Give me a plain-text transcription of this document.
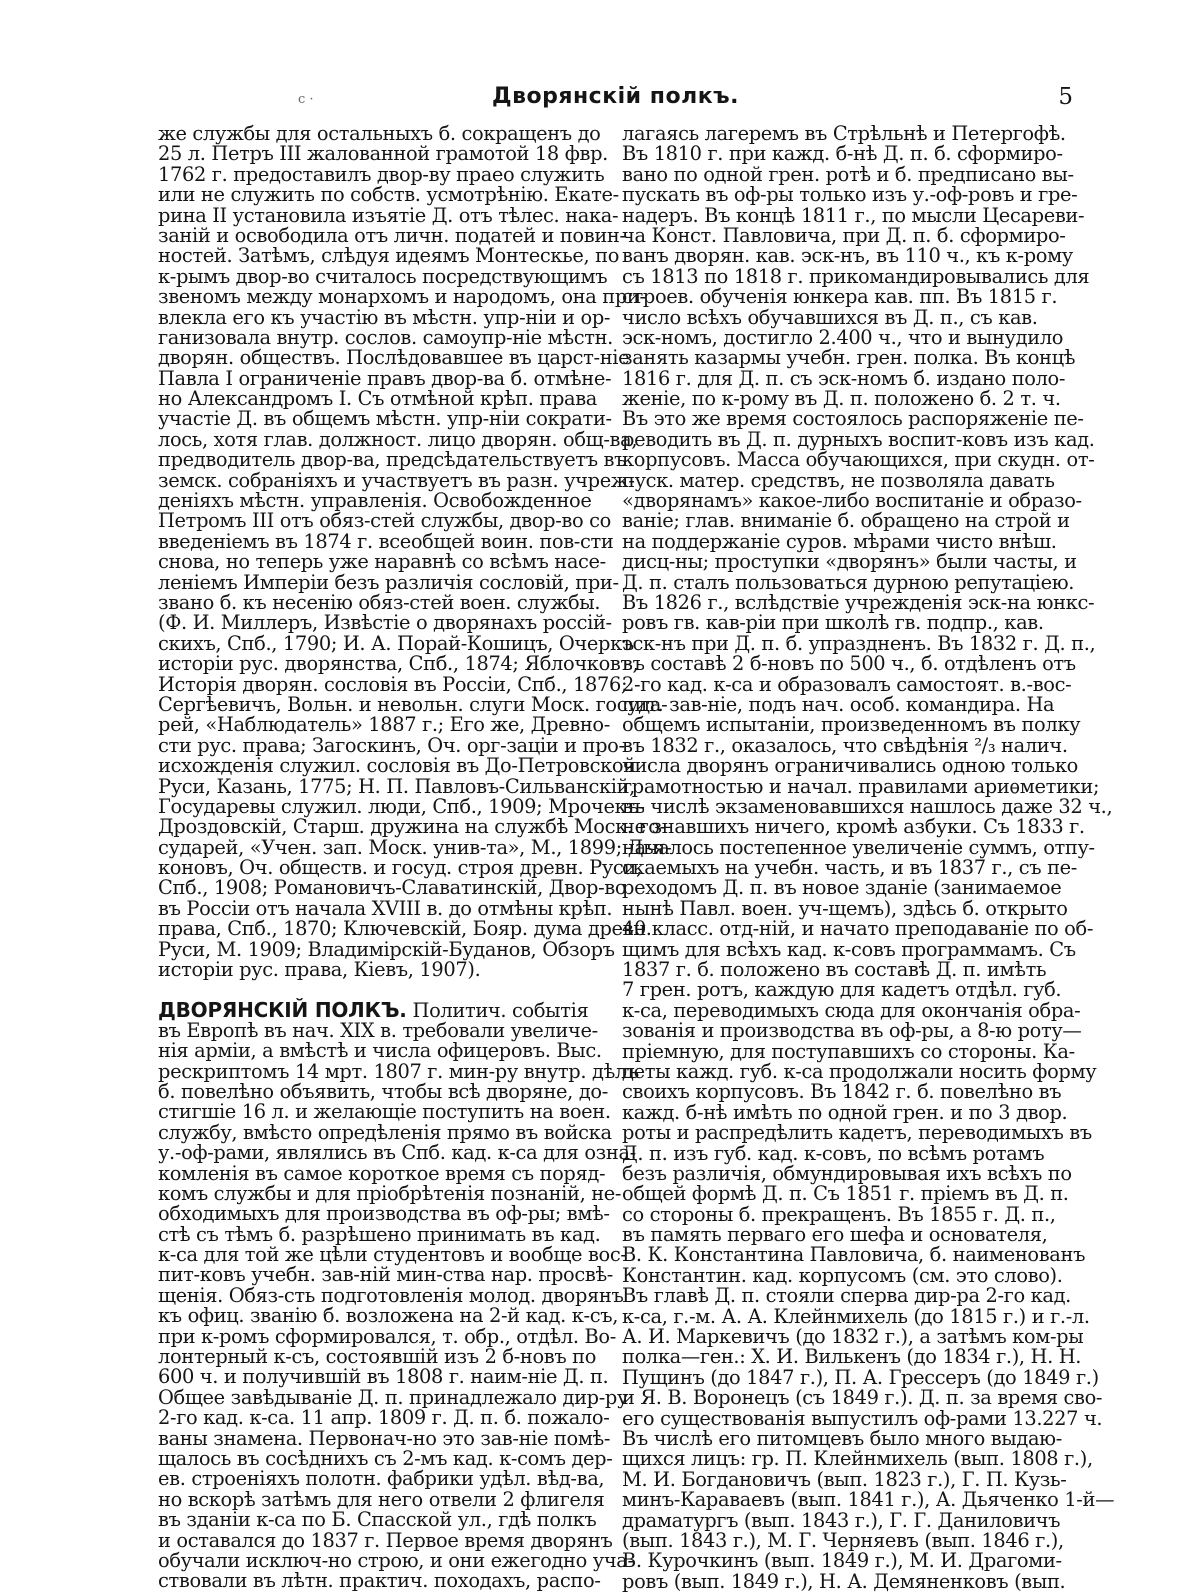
с ·	Дворянскій полкъ.	5
же службы для остальныхъ б. сокращенъ до
25 л. Петръ III жалованной грамотой 18 фвр.
1762 г. предоставилъ двор-ву праео служить
или не служить по собств. усмотрѣнію. Екате-
рина II установила изъятіе Д. отъ тѣлес. нака-
заній и освободила отъ личн. податей и повин-
ностей. Затѣмъ, слѣдуя идеямъ Монтескье, по
к-рымъ двор-во считалось посредствующимъ
звеномъ между монархомъ и народомъ, она при-
влекла его къ участію въ мѣстн. упр-ніи и ор-
ганизовала внутр. сослов. самоупр-ніе мѣстн.
дворян. обществъ. Послѣдовавшее въ царст-ніе
Павла I ограниченіе правъ двор-ва б. отмѣне-
но Александромъ I. Съ отмѣной крѣп. права
участіе Д. въ общемъ мѣстн. упр-ніи сократи-
лось, хотя глав. должност. лицо дворян. общ-ва,
предводитель двор-ва, предсѣдательствуетъ въ
земск. собраніяхъ и участвуетъ въ разн. учреж-
деніяхъ мѣстн. управленія. Освобожденное
Петромъ III отъ обяз-стей службы, двор-во со
введеніемъ въ 1874 г. всеобщей воин. пов-сти
снова, но теперь уже наравнѣ со всѣмъ насе-
леніемъ Имперіи безъ различія сословій, при-
звано б. къ несенію обяз-стей воен. службы.
(Ф. И. Миллеръ, Извѣстіе о дворянахъ россій-
скихъ, Спб., 1790; И. А. Порай-Кошицъ, Очеркъ
исторіи рус. дворянства, Спб., 1874; Яблочковъ,
Исторія дворян. сословія въ Россіи, Спб., 1876;
Сергѣевичъ, Вольн. и невольн. слуги Моск. госуда-
рей, «Наблюдатель» 1887 г.; Его же, Древно-
сти рус. права; Загоскинъ, Оч. орг-заціи и про-
исхожденія служил. сословія въ До-Петровской
Руси, Казань, 1775; Н. П. Павловъ-Сильванскій,
Государевы служил. люди, Спб., 1909; Мрочекъ-
Дроздовскій, Старш. дружина на службѣ Моск. го-
сударей, «Учен. зап. Моск. унив-та», М., 1899; Дья-
коновъ, Оч. обществ. и госуд. строя древн. Руси,
Спб., 1908; Романовичъ-Славатинскій, Двор-во
въ Россіи отъ начала XVIII в. до отмѣны крѣп.
права, Спб., 1870; Ключевскій, Бояр. дума древн.
Руси, М. 1909; Владимірскій-Буданов, Обзоръ
исторіи рус. права, Кіевъ, 1907).
ДВОРЯНСКІЙ ПОЛКЪ. Политич. событія
въ Европѣ въ нач. XIX в. требовали увеличе-
нія арміи, а вмѣстѣ и числа офицеровъ. Выс.
рескриптомъ 14 мрт. 1807 г. мин-ру внутр. дѣлъ
б. повелѣно объявить, чтобы всѣ дворяне, до-
стигшіе 16 л. и желающіе поступить на воен.
службу, вмѣсто опредѣленія прямо въ войска
у.-оф-рами, являлись въ Спб. кад. к-са для озна-
комленія въ самое короткое время съ поряд-
комъ службы и для пріобрѣтенія познаній, не-
обходимыхъ для производства въ оф-ры; вмѣ-
стѣ съ тѣмъ б. разрѣшено принимать въ кад.
к-са для той же цѣли студентовъ и вообще вос-
пит-ковъ учебн. зав-ній мин-ства нар. просвѣ-
щенія. Обяз-сть подготовленія молод. дворянъ
къ офиц. званію б. возложена на 2-й кад. к-съ,
при к-ромъ сформировался, т. обр., отдѣл. Во-
лонтерный к-съ, состоявшій изъ 2 б-новъ по
600 ч. и получившій въ 1808 г. наим-ніе Д. п.
Общее завѣдываніе Д. п. принадлежало дир-ру
2-го кад. к-са. 11 апр. 1809 г. Д. п. б. пожало-
ваны знамена. Первонач-но это зав-ніе помѣ-
щалось въ сосѣднихъ съ 2-мъ кад. к-сомъ дер-
ев. строеніяхъ полотн. фабрики удѣл. вѣд-ва,
но вскорѣ затѣмъ для него отвели 2 флигеля
въ зданіи к-са по Б. Спасской ул., гдѣ полкъ
и оставался до 1837 г. Первое время дворянъ
обучали исключ-но строю, и они ежегодно уча-
ствовали въ лѣтн. практич. походахъ, распо-
лагаясь лагеремъ въ Стрѣльнѣ и Петергофѣ.
Въ 1810 г. при кажд. б-нѣ Д. п. б. сформиро-
вано по одной грен. ротѣ и б. предписано вы-
пускать въ оф-ры только изъ у.-оф-ровъ и гре-
надеръ. Въ концѣ 1811 г., по мысли Цесареви-
ча Конст. Павловича, при Д. п. б. сформиро-
ванъ дворян. кав. эск-нъ, въ 110 ч., къ к-рому
съ 1813 по 1818 г. прикомандировывались для
строев. обученія юнкера кав. пп. Въ 1815 г.
число всѣхъ обучавшихся въ Д. п., съ кав.
эск-номъ, достигло 2.400 ч., что и вынудило
занять казармы учебн. грен. полка. Въ концѣ
1816 г. для Д. п. съ эск-номъ б. издано поло-
женіе, по к-рому въ Д. п. положено б. 2 т. ч.
Въ это же время состоялось распоряженіе пе-
реводить въ Д. п. дурныхъ воспит-ковъ изъ кад.
корпусовъ. Масса обучающихся, при скудн. от-
пуск. матер. средствъ, не позволяла давать
«дворянамъ» какое-либо воспитаніе и образо-
ваніе; глав. вниманіе б. обращено на строй и
на поддержаніе суров. мѣрами чисто внѣш.
дисц-ны; проступки «дворянъ» были часты, и
Д. п. сталъ пользоваться дурною репутаціею.
Въ 1826 г., вслѣдствіе учрежденія эск-на юнкс-
ровъ гв. кав-ріи при школѣ гв. подпр., кав.
эск-нъ при Д. п. б. упраздненъ. Въ 1832 г. Д. п.,
въ составѣ 2 б-новъ по 500 ч., б. отдѣленъ отъ
2-го кад. к-са и образовалъ самостоят. в.-вос-
пит. зав-ніе, подъ нач. особ. командира. На
общемъ испытаніи, произведенномъ въ полку
въ 1832 г., оказалось, что свѣдѣнія ²/₃ налич.
числа дворянъ ограничивались одною только
грамотностью и начал. правилами ариѳметики;
въ числѣ экзаменовавшихся нашлось даже 32 ч.,
не знавшихъ ничего, кромѣ азбуки. Съ 1833 г.
началось постепенное увеличеніе суммъ, отпу-
скаемыхъ на учебн. часть, и въ 1837 г., съ пе-
реходомъ Д. п. въ новое зданіе (занимаемое
нынѣ Павл. воен. уч-щемъ), здѣсь б. открыто
40 класс. отд-ній, и начато преподаваніе по об-
щимъ для всѣхъ кад. к-совъ программамъ. Съ
1837 г. б. положено въ составѣ Д. п. имѣть
7 грен. ротъ, каждую для кадетъ отдѣл. губ.
к-са, переводимыхъ сюда для окончанія обра-
зованія и производства въ оф-ры, а 8-ю роту—
пріемную, для поступавшихъ со стороны. Ка-
деты кажд. губ. к-са продолжали носить форму
своихъ корпусовъ. Въ 1842 г. б. повелѣно въ
кажд. б-нѣ имѣть по одной грен. и по 3 двор.
роты и распредѣлить кадетъ, переводимыхъ въ
Д. п. изъ губ. кад. к-совъ, по всѣмъ ротамъ
безъ различія, обмундировывая ихъ всѣхъ по
общей формѣ Д. п. Съ 1851 г. пріемъ въ Д. п.
со стороны б. прекращенъ. Въ 1855 г. Д. п.,
въ память перваго его шефа и основателя,
В. К. Константина Павловича, б. наименованъ
Константин. кад. корпусомъ (см. это слово).
Въ главѣ Д. п. стояли сперва дир-ра 2-го кад.
к-са, г.-м. А. А. Клейнмихель (до 1815 г.) и г.-л.
А. И. Маркевичъ (до 1832 г.), а затѣмъ ком-ры
полка—ген.: Х. И. Вилькенъ (до 1834 г.), Н. Н.
Пущинъ (до 1847 г.), П. А. Грессеръ (до 1849 г.)
и Я. В. Воронецъ (съ 1849 г.). Д. п. за время сво-
его существованія выпустилъ оф-рами 13.227 ч.
Въ числѣ его питомцевъ было много выдаю-
щихся лицъ: гр. П. Клейнмихель (вып. 1808 г.),
М. И. Богдановичъ (вып. 1823 г.), Г. П. Кузь-
минъ-Караваевъ (вып. 1841 г.), А. Дьяченко 1-й—
драматургъ (вып. 1843 г.), Г. Г. Даниловичъ
(вып. 1843 г.), М. Г. Черняевъ (вып. 1846 г.),
В. Курочкинъ (вып. 1849 г.), М. И. Драгоми-
ровъ (вып. 1849 г.), Н. А. Демяненковъ (вып.
